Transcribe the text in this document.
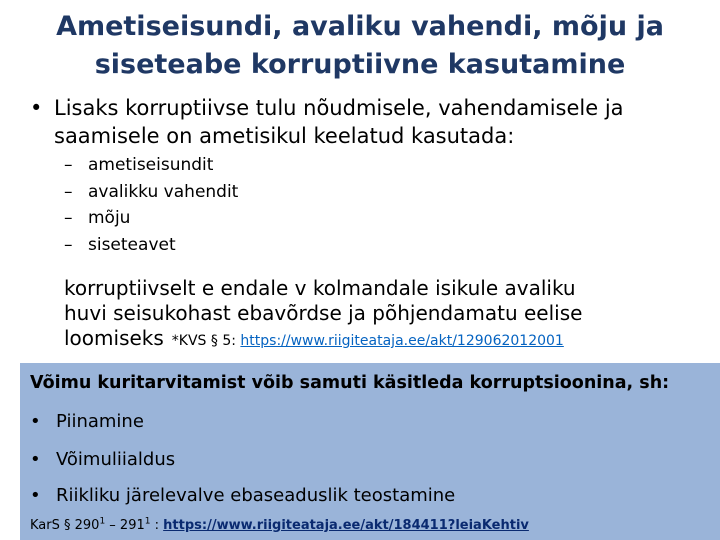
Ametiseisundi, avaliku vahendi, mõju ja
siseteabe korruptiivne kasutamine
• Lisaks korruptiivse tulu nõudmisele, vahendamisele ja saamisele on ametisikul keelatud kasutada:
– ametiseisundit
– avalikku vahendit
– mõju
– siseteavet
korruptiivselt e endale v kolmandale isikule avaliku
huvi seisukohast ebavõrdse ja põhjendamatu eelise
loomiseks *KVS § 5: https://www.riigiteataja.ee/akt/129062012001
Võimu kuritarvitamist võib samuti käsitleda korruptsioonina, sh:
• Piinamine
• Võimuliialdus
• Riikliku järelevalve ebaseaduslik teostamine
KarS § $290^1 - 291^1$ : https://www.riigiteataja.ee/akt/184411?leiaKehtiv
